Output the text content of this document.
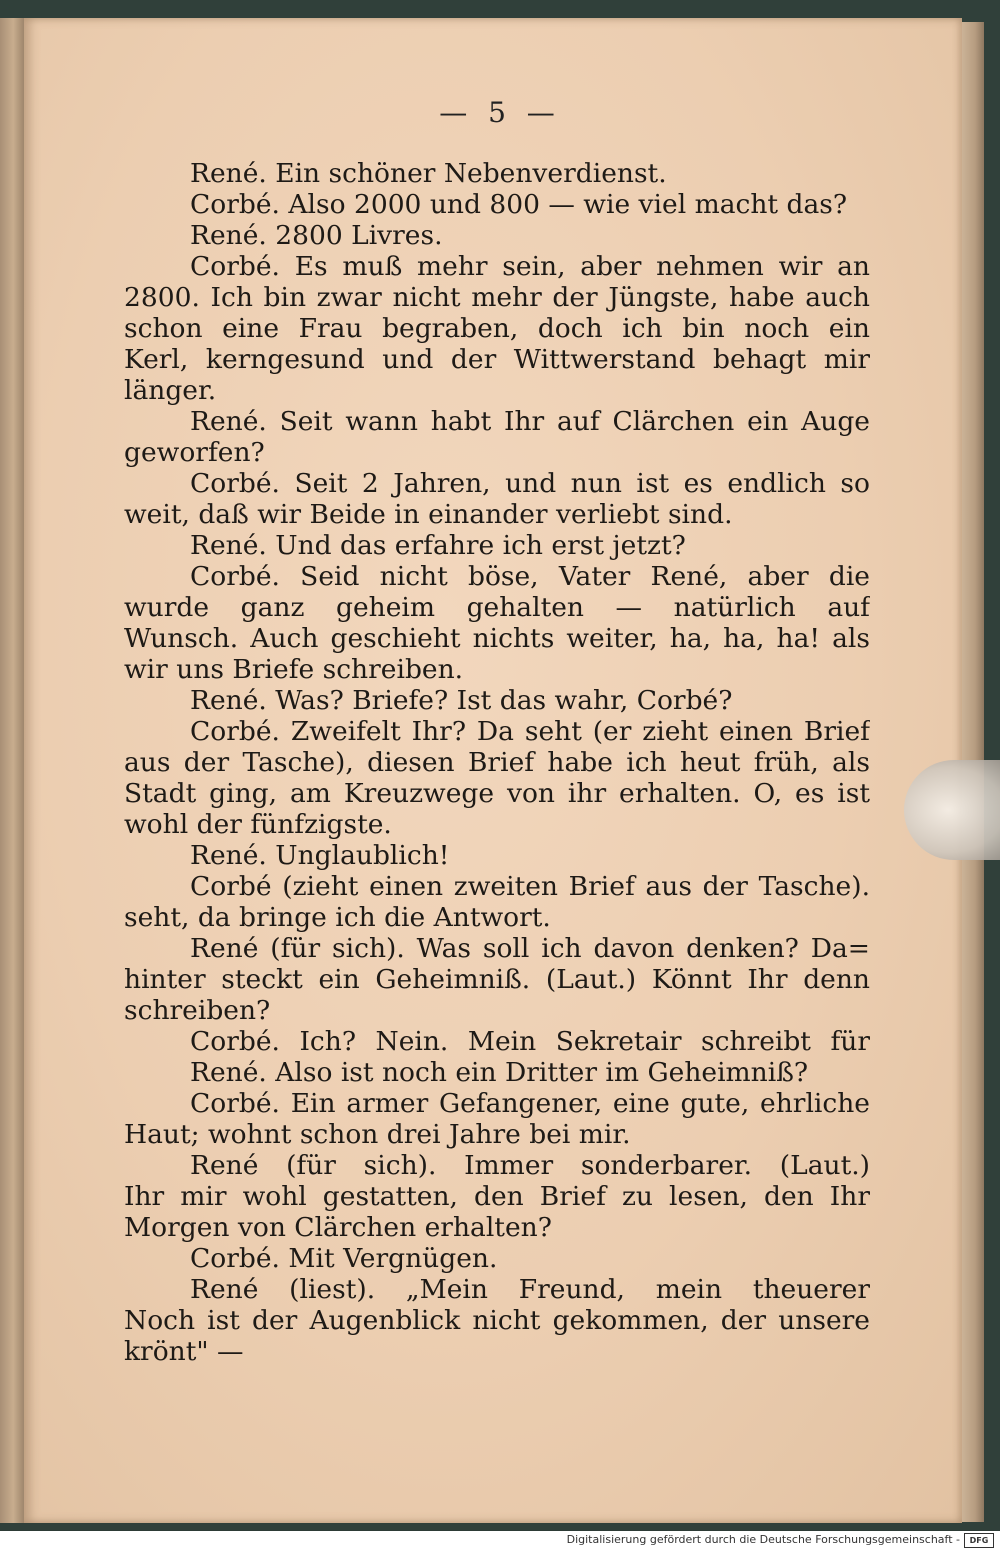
— 5 —
René. Ein schöner Nebenverdienst.
Corbé. Also 2000 und 800 — wie viel macht das?
René. 2800 Livres.
Corbé. Es muß mehr sein, aber nehmen wir an
2800. Ich bin zwar nicht mehr der Jüngste, habe auch
schon eine Frau begraben, doch ich bin noch ein
Kerl, kerngesund und der Wittwerstand behagt mir
länger.
René. Seit wann habt Ihr auf Clärchen ein Auge
geworfen?
Corbé. Seit 2 Jahren, und nun ist es endlich so
weit, daß wir Beide in einander verliebt sind.
René. Und das erfahre ich erst jetzt?
Corbé. Seid nicht böse, Vater René, aber die
wurde ganz geheim gehalten — natürlich auf
Wunsch. Auch geschieht nichts weiter, ha, ha, ha! als
wir uns Briefe schreiben.
René. Was? Briefe? Ist das wahr, Corbé?
Corbé. Zweifelt Ihr? Da seht (er zieht einen Brief
aus der Tasche), diesen Brief habe ich heut früh, als
Stadt ging, am Kreuzwege von ihr erhalten. O, es ist
wohl der fünfzigste.
René. Unglaublich!
Corbé (zieht einen zweiten Brief aus der Tasche).
seht, da bringe ich die Antwort.
René (für sich). Was soll ich davon denken? Da=
hinter steckt ein Geheimniß. (Laut.) Könnt Ihr denn
schreiben?
Corbé. Ich? Nein. Mein Sekretair schreibt für
René. Also ist noch ein Dritter im Geheimniß?
Corbé. Ein armer Gefangener, eine gute, ehrliche
Haut; wohnt schon drei Jahre bei mir.
René (für sich). Immer sonderbarer. (Laut.)
Ihr mir wohl gestatten, den Brief zu lesen, den Ihr
Morgen von Clärchen erhalten?
Corbé. Mit Vergnügen.
René (liest). „Mein Freund, mein theuerer
Noch ist der Augenblick nicht gekommen, der unsere
krönt" —
Digitalisierung gefördert durch die Deutsche Forschungsgemeinschaft -	DFG
